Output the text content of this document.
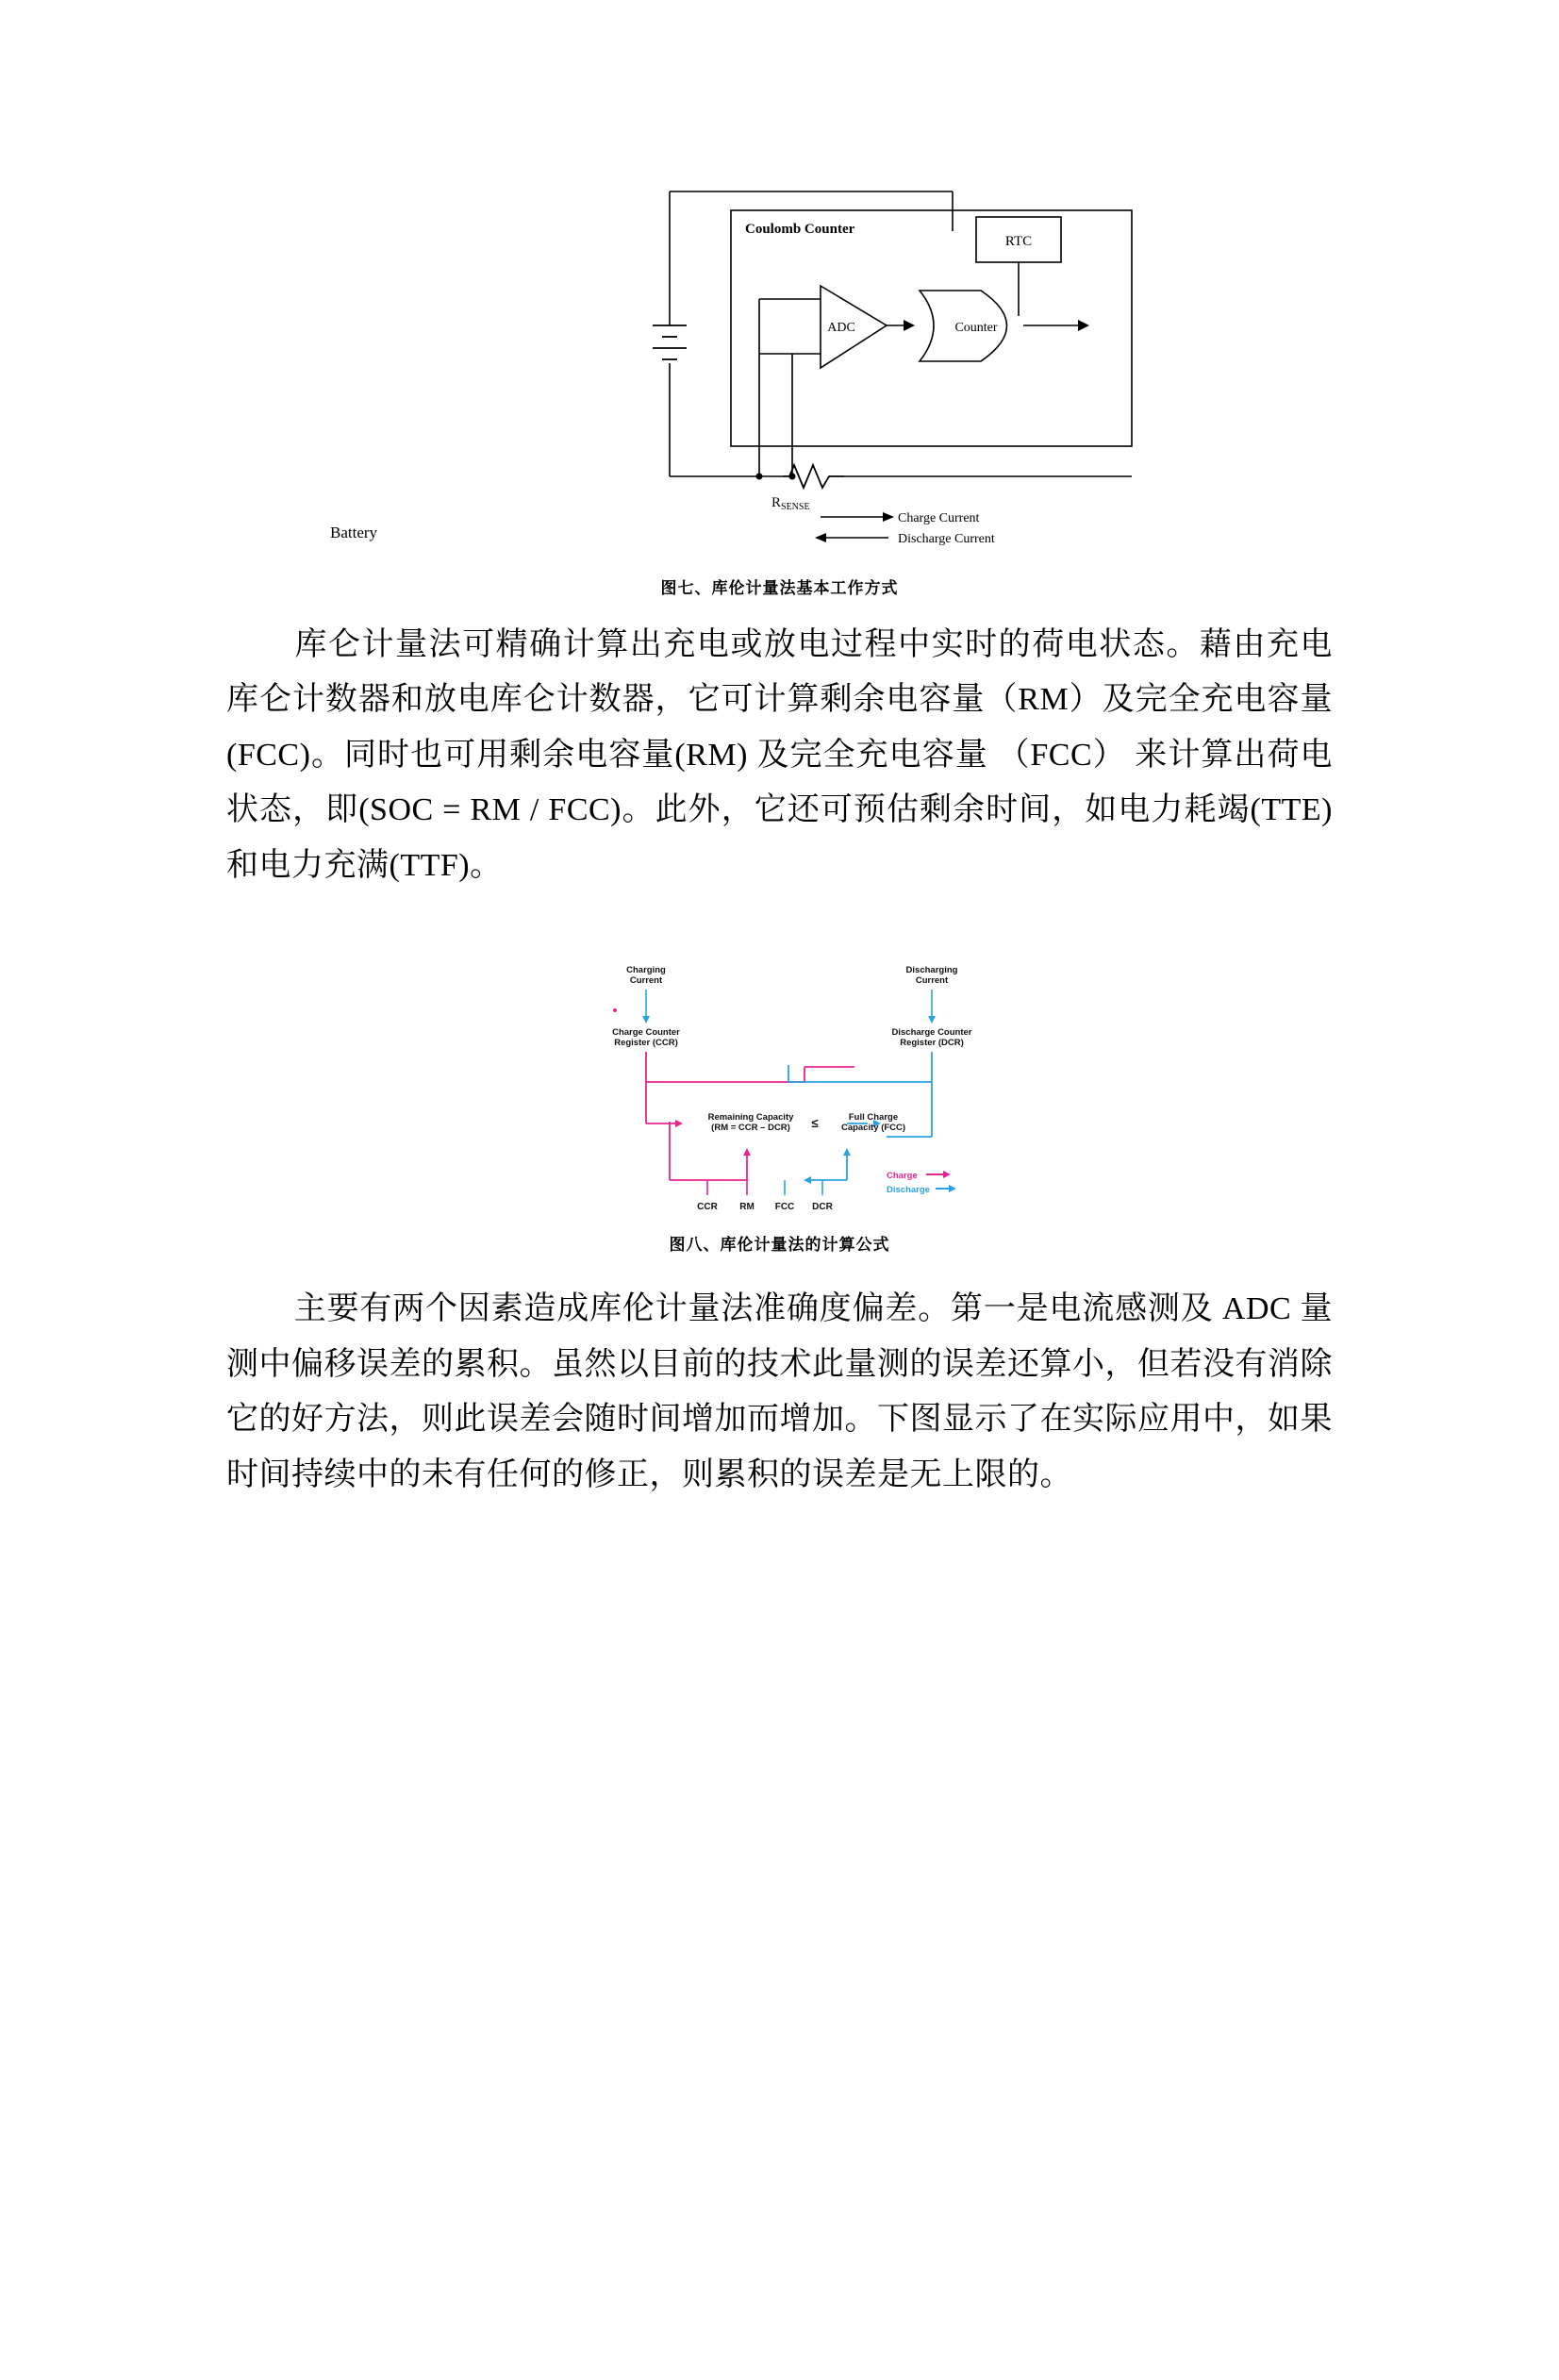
Coulomb Counter
RTC
ADC	Counter
$R_{SENSE}$
Charge Current
Discharge Current
图七、库伦计量法基本工作方式
Battery

库仑计量法可精确计算出充电或放电过程中实时的荷电状态。藉由充电库仑计数器和放电库仑计数器，它可计算剩余电容量（RM）及完全充电容量(FCC)。同时也可用剩余电容量(RM) 及完全充电容量 （FCC） 来计算出荷电状态，即(SOC = RM / FCC)。此外，它还可预估剩余时间，如电力耗竭(TTE)和电力充满(TTF)。

Charging
Current
Discharging
Current
Charge Counter
Register (CCR)
Discharge Counter
Register (DCR)
Remaining Capacity
(RM = CCR – DCR)
Full Charge
Capacity (FCC)
≤
CCR RM FCC DCR
Charge
Discharge
图八、库伦计量法的计算公式

主要有两个因素造成库伦计量法准确度偏差。第一是电流感测及 ADC 量测中偏移误差的累积。虽然以目前的技术此量测的误差还算小，但若没有消除它的好方法，则此误差会随时间增加而增加。下图显示了在实际应用中，如果时间持续中的未有任何的修正，则累积的误差是无上限的。
